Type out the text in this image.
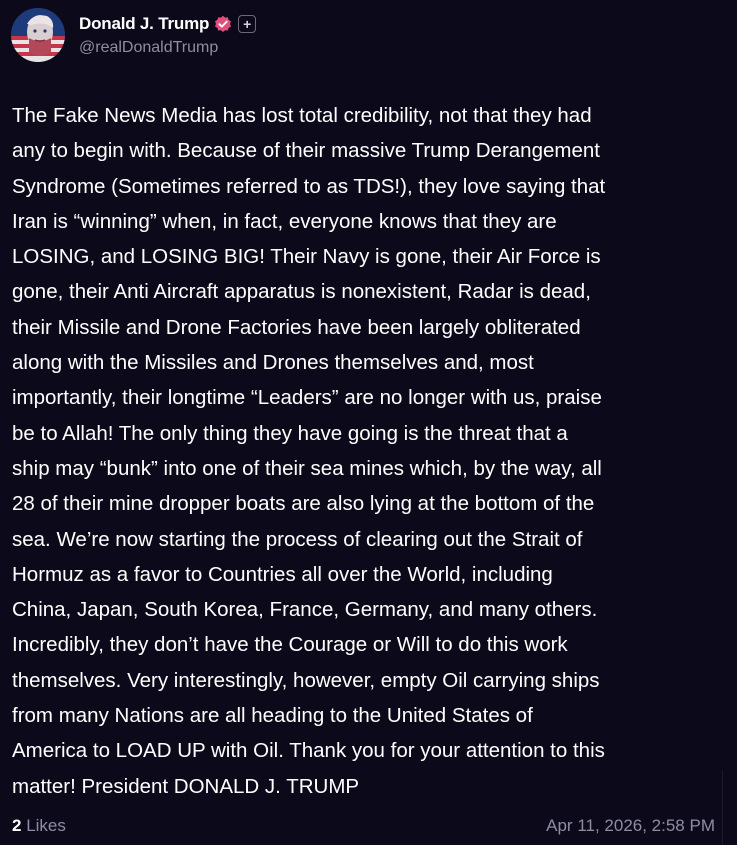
Donald J. Trump	+
@realDonaldTrump
The Fake News Media has lost total credibility, not that they had
any to begin with. Because of their massive Trump Derangement
Syndrome (Sometimes referred to as TDS!), they love saying that
Iran is “winning” when, in fact, everyone knows that they are
LOSING, and LOSING BIG! Their Navy is gone, their Air Force is
gone, their Anti Aircraft apparatus is nonexistent, Radar is dead,
their Missile and Drone Factories have been largely obliterated
along with the Missiles and Drones themselves and, most
importantly, their longtime “Leaders” are no longer with us, praise
be to Allah! The only thing they have going is the threat that a
ship may “bunk” into one of their sea mines which, by the way, all
28 of their mine dropper boats are also lying at the bottom of the
sea. We’re now starting the process of clearing out the Strait of
Hormuz as a favor to Countries all over the World, including
China, Japan, South Korea, France, Germany, and many others.
Incredibly, they don’t have the Courage or Will to do this work
themselves. Very interestingly, however, empty Oil carrying ships
from many Nations are all heading to the United States of
America to LOAD UP with Oil. Thank you for your attention to this
matter! President DONALD J. TRUMP
2 Likes	Apr 11, 2026, 2:58 PM
